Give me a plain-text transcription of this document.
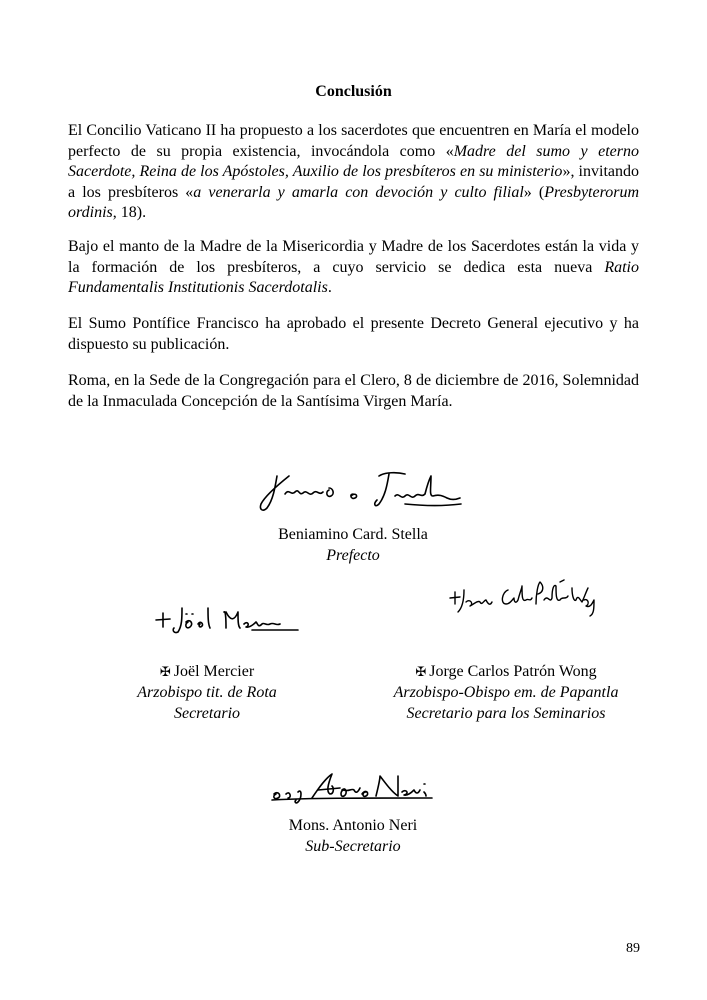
Conclusión

El Concilio Vaticano II ha propuesto a los sacerdotes que encuentren en María el modelo perfecto de su propia existencia, invocándola como «Madre del sumo y eterno Sacerdote, Reina de los Apóstoles, Auxilio de los presbíteros en su ministerio», invitando a los presbíteros «a venerarla y amarla con devoción y culto filial» (Presbyterorum ordinis, 18).

Bajo el manto de la Madre de la Misericordia y Madre de los Sacerdotes están la vida y la formación de los presbíteros, a cuyo servicio se dedica esta nueva Ratio Fundamentalis Institutionis Sacerdotalis.

El Sumo Pontífice Francisco ha aprobado el presente Decreto General ejecutivo y ha dispuesto su publicación.

Roma, en la Sede de la Congregación para el Clero, 8 de diciembre de 2016, Solemnidad de la Inmaculada Concepción de la Santísima Virgen María.

Beniamino Card. Stella
Prefecto
✠ Joël Mercier
Arzobispo tit. de Rota
Secretario
✠ Jorge Carlos Patrón Wong
Arzobispo-Obispo em. de Papantla
Secretario para los Seminarios
Mons. Antonio Neri
Sub-Secretario
89
